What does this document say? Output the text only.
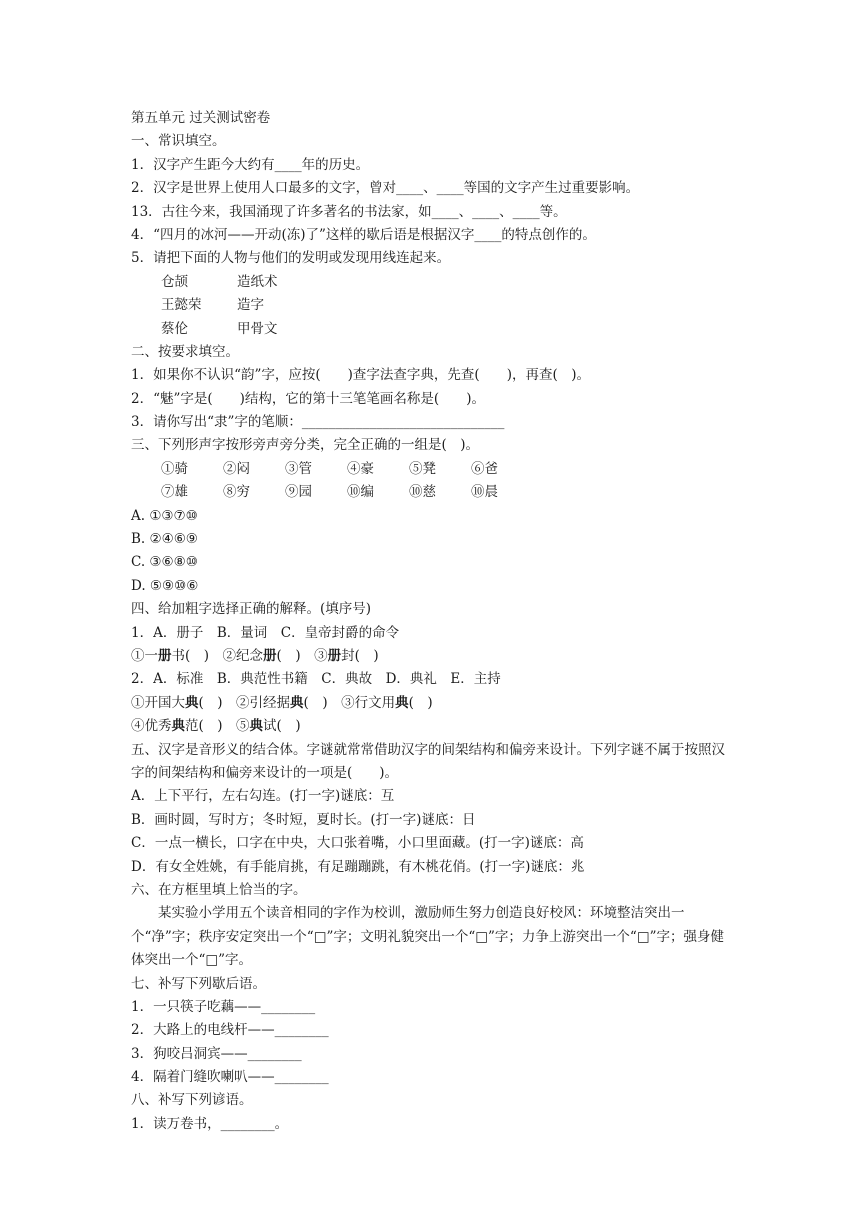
第五单元 过关测试密卷
一、常识填空。
1．汉字产生距今大约有____年的历史。
2．汉字是世界上使用人口最多的文字，曾对____、____等国的文字产生过重要影响。
13．古往今来，我国涌现了许多著名的书法家，如____、____、____等。
4．“四月的冰河——开动(冻)了”这样的歇后语是根据汉字____的特点创作的。
5．请把下面的人物与他们的发明或发现用线连起来。
仓颉	造纸术
王懿荣	造字
蔡伦	甲骨文
二、按要求填空。
1．如果你不认识“韵”字，应按(　　)查字法查字典，先查(　　)，再查(　)。
2．“魅”字是(　　)结构，它的第十三笔笔画名称是(　　)。
3．请你写出“隶”字的笔顺：______________________________
三、下列形声字按形旁声旁分类，完全正确的一组是(　)。
①骑	②闷	③管	④豪	⑤凳	⑥爸
⑦雄	⑧穷	⑨园	⑩编	⑩慈	⑩晨
A. ①③⑦⑩
B. ②④⑥⑨
C. ③⑥⑧⑩
D. ⑤⑨⑩⑥
四、给加粗字选择正确的解释。(填序号)
1．A．册子　B．量词　C．皇帝封爵的命令
①一册书(　)　②纪念册(　)　③册封(　)
2．A．标准　B．典范性书籍　C．典故　D．典礼　E．主持
①开国大典(　)　②引经据典(　)　③行文用典(　)
④优秀典范(　)　⑤典试(　)
五、汉字是音形义的结合体。字谜就常常借助汉字的间架结构和偏旁来设计。下列字谜不属于按照汉字的间架结构和偏旁来设计的一项是(　　)。
A．上下平行，左右勾连。(打一字)谜底：互
B．画时圆，写时方；冬时短，夏时长。(打一字)谜底：日
C．一点一横长，口字在中央，大口张着嘴，小口里面藏。(打一字)谜底：高
D．有女全姓姚，有手能肩挑，有足蹦蹦跳，有木桃花俏。(打一字)谜底：兆
六、在方框里填上恰当的字。
某实验小学用五个读音相同的字作为校训，激励师生努力创造良好校风：环境整洁突出一个“净”字；秩序安定突出一个“□”字；文明礼貌突出一个“□”字；力争上游突出一个“□”字；强身健体突出一个“□”字。
七、补写下列歇后语。
1．一只筷子吃藕——________
2．大路上的电线杆——________
3．狗咬吕洞宾——________
4．隔着门缝吹喇叭——________
八、补写下列谚语。
1．读万卷书，________。
